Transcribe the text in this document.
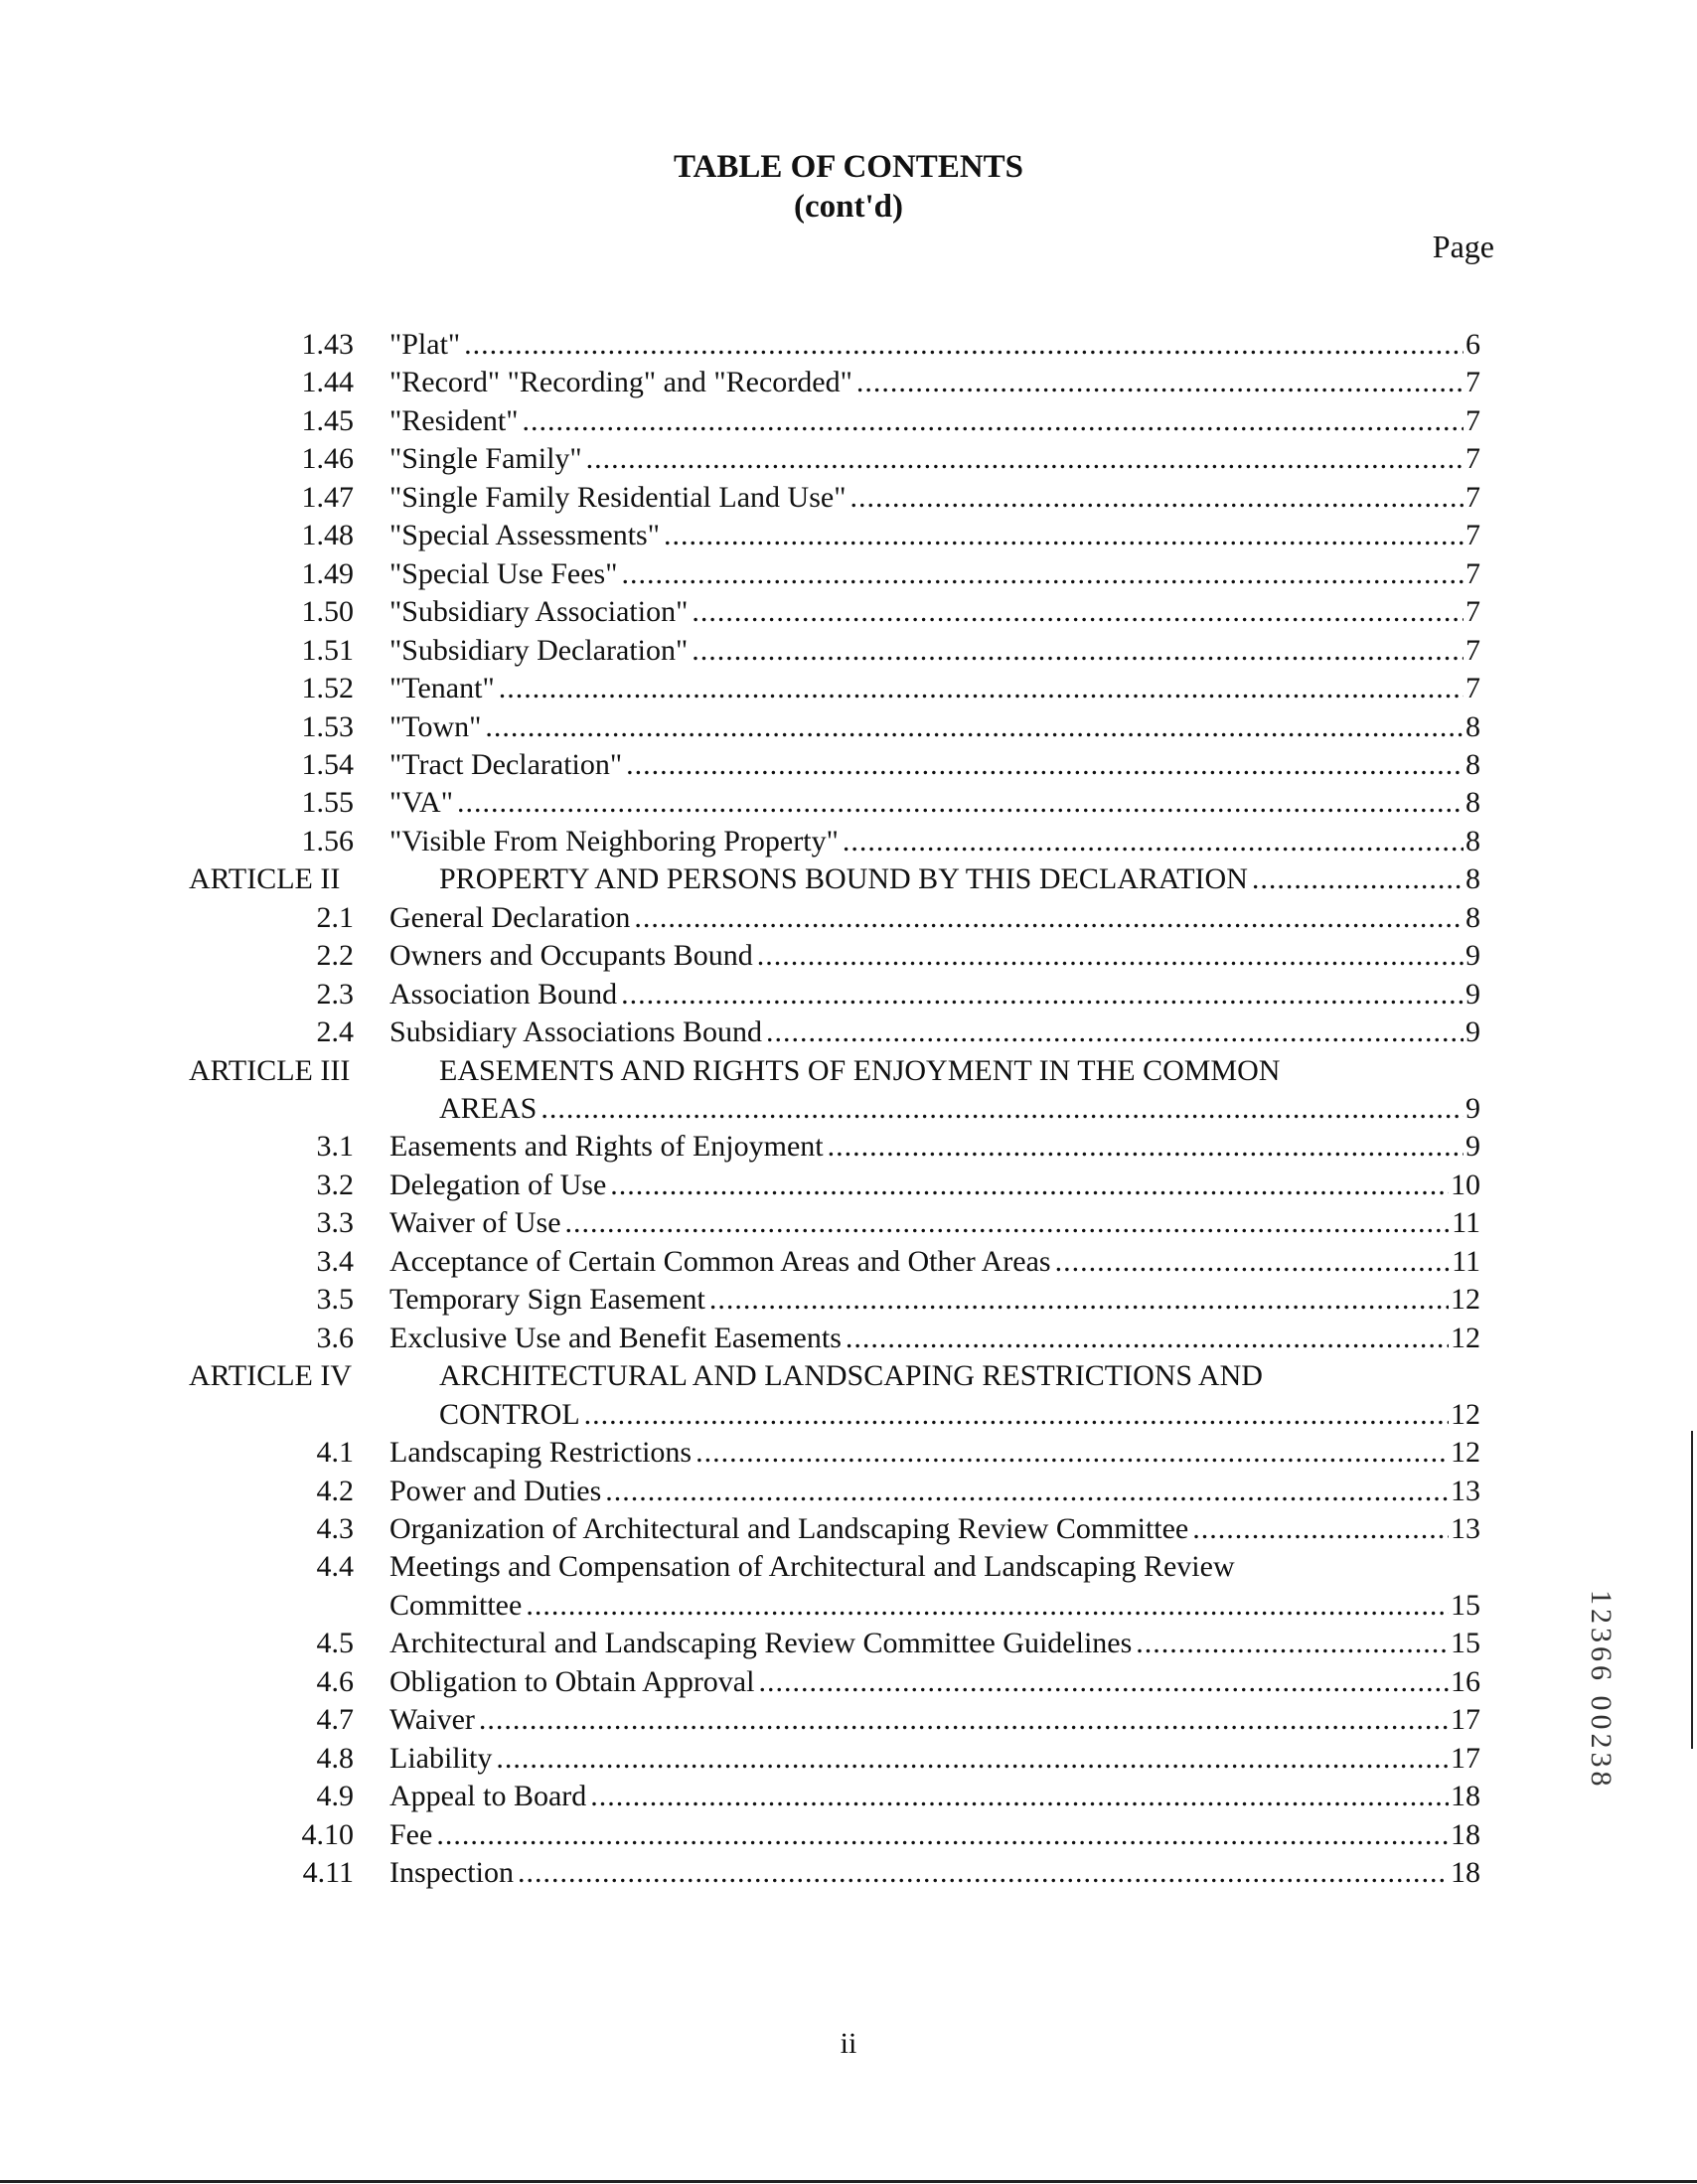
TABLE OF CONTENTS
(cont'd)
Page
1.43 "Plat" .....	6
1.44 "Record" "Recording" and "Recorded" .....	7
1.45 "Resident" .....	7
1.46 "Single Family" .....	7
1.47 "Single Family Residential Land Use" .....	7
1.48 "Special Assessments" .....	7
1.49 "Special Use Fees" .....	7
1.50 "Subsidiary Association" .....	7
1.51 "Subsidiary Declaration" .....	7
1.52 "Tenant" .....	7
1.53 "Town" .....	8
1.54 "Tract Declaration" .....	8
1.55 "VA" .....	8
1.56 "Visible From Neighboring Property" .....	8
ARTICLE II	PROPERTY AND PERSONS BOUND BY THIS DECLARATION .....	8
2.1 General Declaration .....	8
2.2 Owners and Occupants Bound .....	9
2.3 Association Bound .....	9
2.4 Subsidiary Associations Bound .....	9
ARTICLE III	EASEMENTS AND RIGHTS OF ENJOYMENT IN THE COMMON
AREAS .....	9
3.1 Easements and Rights of Enjoyment .....	9
3.2 Delegation of Use .....	10
3.3 Waiver of Use .....	11
3.4 Acceptance of Certain Common Areas and Other Areas .....	11
3.5 Temporary Sign Easement .....	12
3.6 Exclusive Use and Benefit Easements .....	12
ARTICLE IV	ARCHITECTURAL AND LANDSCAPING RESTRICTIONS AND
CONTROL .....	12
4.1 Landscaping Restrictions .....	12
4.2 Power and Duties .....	13
4.3 Organization of Architectural and Landscaping Review Committee .....	13
4.4 Meetings and Compensation of Architectural and Landscaping Review
Committee .....	15
4.5 Architectural and Landscaping Review Committee Guidelines .....	15
4.6 Obligation to Obtain Approval .....	16
4.7 Waiver .....	17
4.8 Liability .....	17
4.9 Appeal to Board .....	18
4.10 Fee .....	18
4.11 Inspection .....	18
12366 00238
ii
